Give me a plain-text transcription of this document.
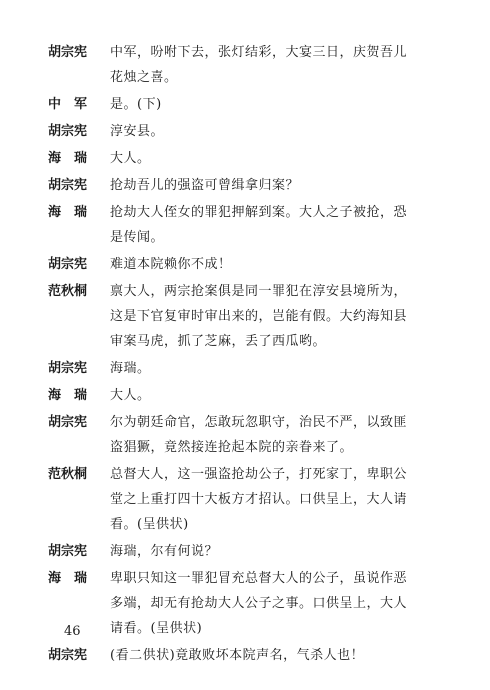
胡宗宪	中军，吩咐下去，张灯结彩，大宴三日，庆贺吾儿
花烛之喜。
中　军	是。(下)
胡宗宪	淳安县。
海　瑞	大人。
胡宗宪	抢劫吾儿的强盗可曾缉拿归案？
海　瑞	抢劫大人侄女的罪犯押解到案。大人之子被抢，恐
是传闻。
胡宗宪	难道本院赖你不成！
范秋桐	禀大人，两宗抢案俱是同一罪犯在淳安县境所为，
这是下官复审时审出来的，岂能有假。大约海知县
审案马虎，抓了芝麻，丢了西瓜哟。
胡宗宪	海瑞。
海　瑞	大人。
胡宗宪	尔为朝廷命官，怎敢玩忽职守，治民不严，以致匪
盗猖獗，竟然接连抢起本院的亲眷来了。
范秋桐	总督大人，这一强盗抢劫公子，打死家丁，卑职公
堂之上重打四十大板方才招认。口供呈上，大人请
看。(呈供状)
胡宗宪	海瑞，尔有何说？
海　瑞	卑职只知这一罪犯冒充总督大人的公子，虽说作恶
多端，却无有抢劫大人公子之事。口供呈上，大人
请看。(呈供状)
胡宗宪	(看二供状)竟敢败坏本院声名，气杀人也！
46
